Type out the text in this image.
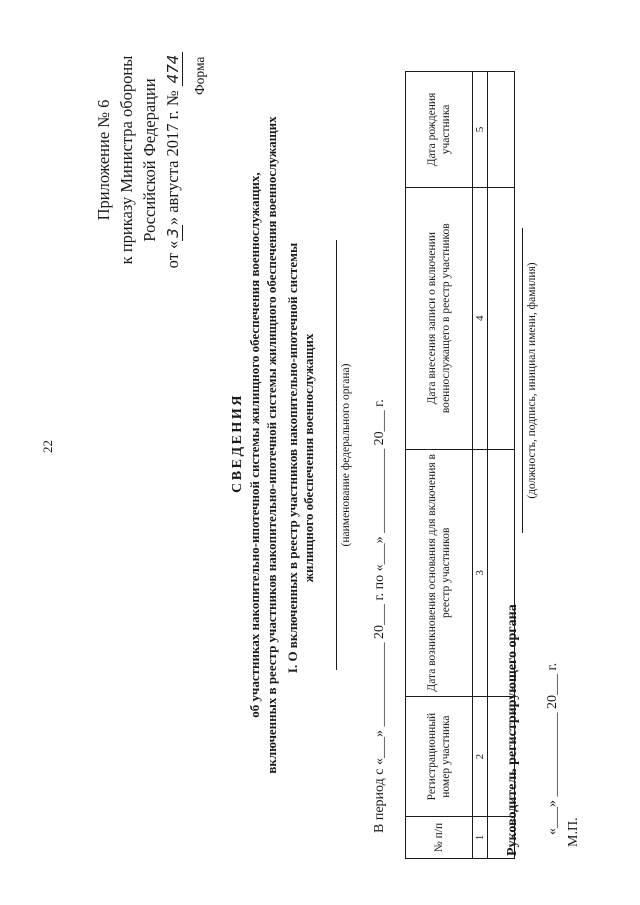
22
Приложение № 6 к приказу Министра обороны Российской Федерации
от «3» августа 2017 г. № 474 Форма
СВЕДЕНИЯ об участниках накопительно-ипотечной системы жилищного обеспечения военнослужащих, включенных в реестр участников накопительно-ипотечной системы жилищного обеспечения военнослужащих I. О включенных в реестр участников накопительно-ипотечной системы жилищного обеспечения военнослужащих (наименование федерального органа) В период с «___» ____________ 20___ г. по «___» ____________ 20___ г.
№ п/п	Регистрационный номер участника	Дата возникновения основания для включения в реестр участников	Дата внесения записи о включении военнослужащего в реестр участников	Дата рождения участника
1	2	3	4	5

Руководитель регистрирующего органа
(должность, подпись, инициал имени, фамилия)
«___» ____________ 20___ г. М.П.
